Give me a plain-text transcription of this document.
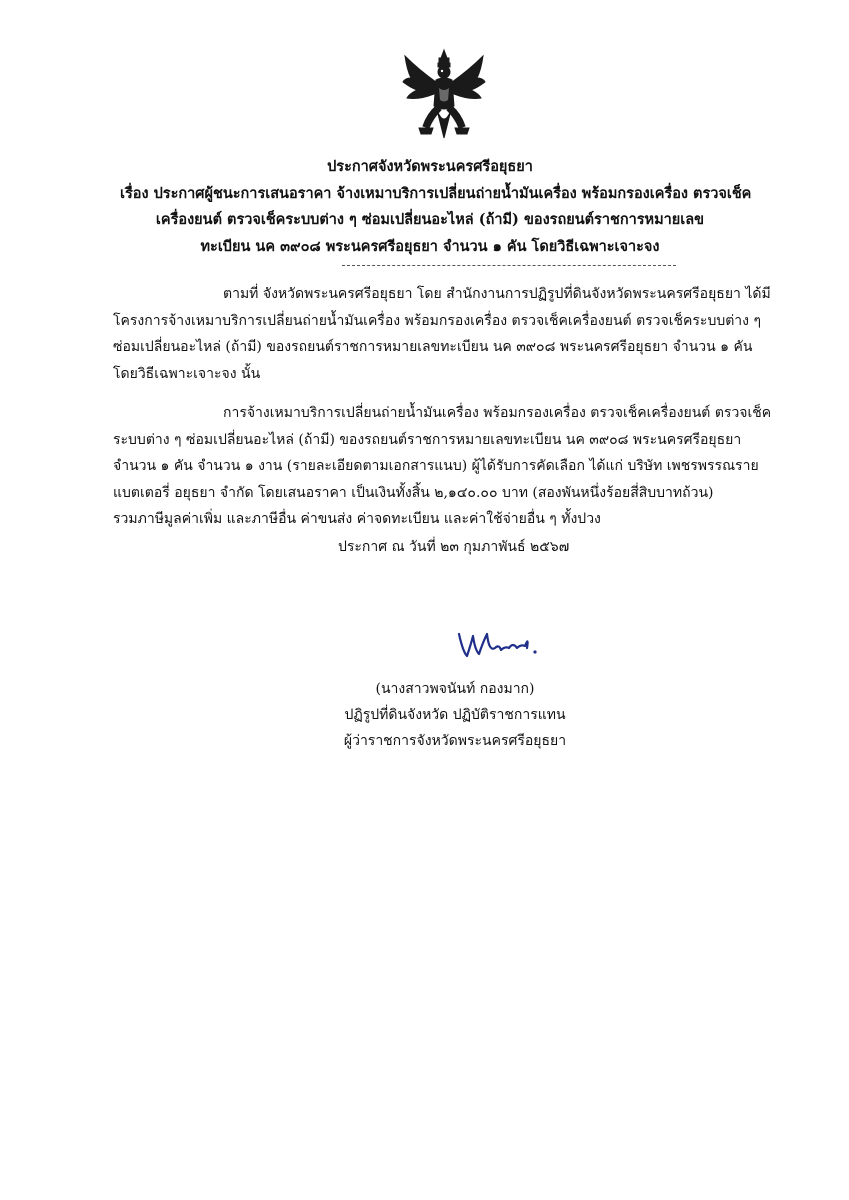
ประกาศจังหวัดพระนครศรีอยุธยา
เรื่อง ประกาศผู้ชนะการเสนอราคา จ้างเหมาบริการเปลี่ยนถ่ายน้ำมันเครื่อง พร้อมกรองเครื่อง ตรวจเช็ค
เครื่องยนต์ ตรวจเช็คระบบต่าง ๆ ซ่อมเปลี่ยนอะไหล่ (ถ้ามี) ของรถยนต์ราชการหมายเลข
ทะเบียน นค ๓๙๐๘ พระนครศรีอยุธยา จำนวน ๑ คัน โดยวิธีเฉพาะเจาะจง
ตามที่ จังหวัดพระนครศรีอยุธยา โดย สำนักงานการปฏิรูปที่ดินจังหวัดพระนครศรีอยุธยา ได้มี
โครงการจ้างเหมาบริการเปลี่ยนถ่ายน้ำมันเครื่อง พร้อมกรองเครื่อง ตรวจเช็คเครื่องยนต์ ตรวจเช็คระบบต่าง ๆ
ซ่อมเปลี่ยนอะไหล่ (ถ้ามี) ของรถยนต์ราชการหมายเลขทะเบียน นค ๓๙๐๘ พระนครศรีอยุธยา จำนวน ๑ คัน
โดยวิธีเฉพาะเจาะจง นั้น
การจ้างเหมาบริการเปลี่ยนถ่ายน้ำมันเครื่อง พร้อมกรองเครื่อง ตรวจเช็คเครื่องยนต์ ตรวจเช็ค
ระบบต่าง ๆ ซ่อมเปลี่ยนอะไหล่ (ถ้ามี) ของรถยนต์ราชการหมายเลขทะเบียน นค ๓๙๐๘ พระนครศรีอยุธยา
จำนวน ๑ คัน จำนวน ๑ งาน (รายละเอียดตามเอกสารแนบ) ผู้ได้รับการคัดเลือก ได้แก่ บริษัท เพชรพรรณราย
แบตเตอรี่ อยุธยา จำกัด โดยเสนอราคา เป็นเงินทั้งสิ้น ๒,๑๔๐.๐๐ บาท (สองพันหนึ่งร้อยสี่สิบบาทถ้วน)
รวมภาษีมูลค่าเพิ่ม และภาษีอื่น ค่าขนส่ง ค่าจดทะเบียน และค่าใช้จ่ายอื่น ๆ ทั้งปวง
ประกาศ ณ วันที่ ๒๓ กุมภาพันธ์ ๒๕๖๗
(นางสาวพจนันท์ กองมาก)
ปฏิรูปที่ดินจังหวัด ปฏิบัติราชการแทน
ผู้ว่าราชการจังหวัดพระนครศรีอยุธยา
